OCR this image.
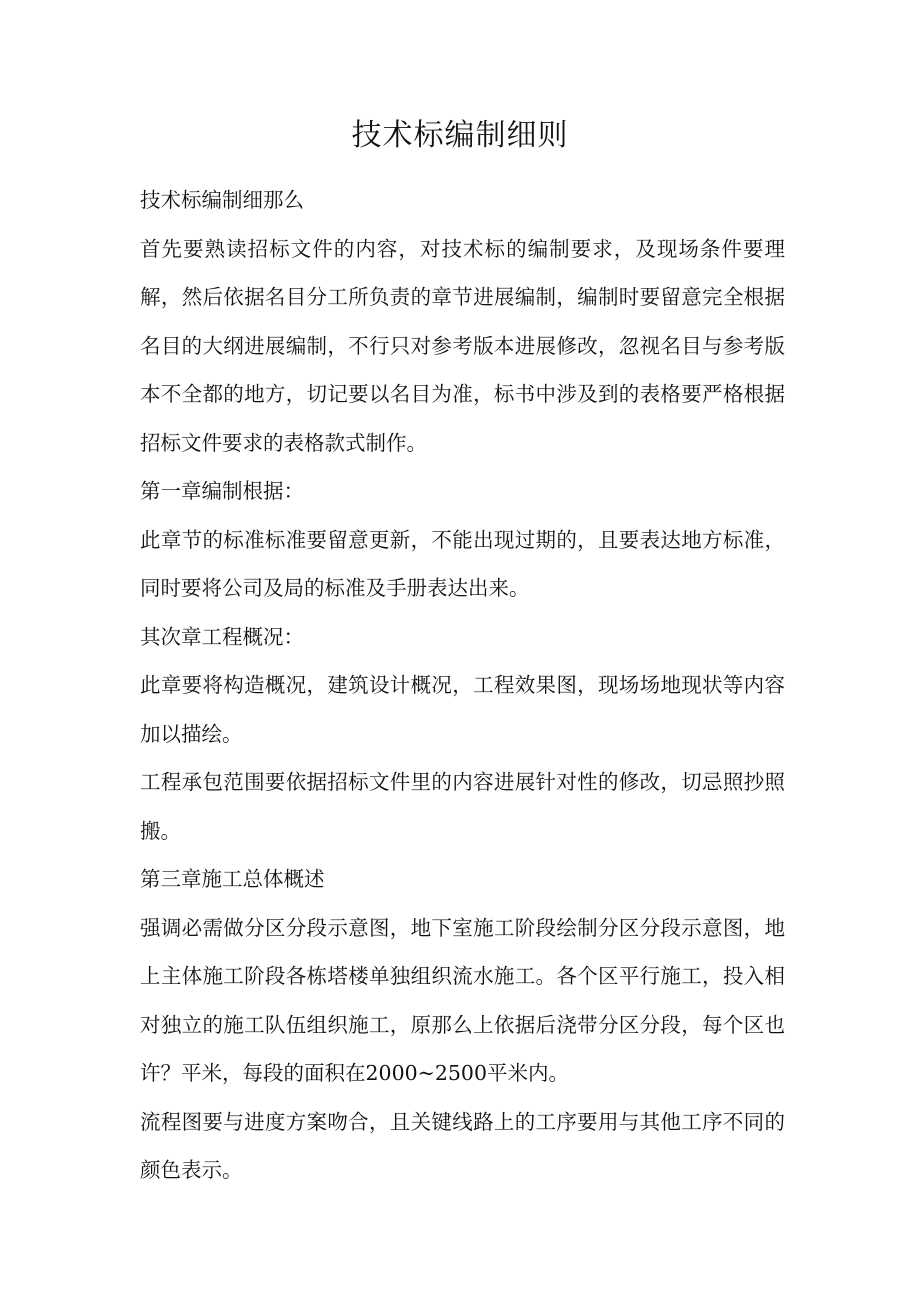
技术标编制细则

技术标编制细那么

首先要熟读招标文件的内容，对技术标的编制要求，及现场条件要理解，然后依据名目分工所负责的章节进展编制，编制时要留意完全根据名目的大纲进展编制，不行只对参考版本进展修改，忽视名目与参考版本不全都的地方，切记要以名目为准，标书中涉及到的表格要严格根据招标文件要求的表格款式制作。

第一章编制根据：

此章节的标准标准要留意更新，不能出现过期的，且要表达地方标准，同时要将公司及局的标准及手册表达出来。

其次章工程概况：

此章要将构造概况，建筑设计概况，工程效果图，现场场地现状等内容加以描绘。

工程承包范围要依据招标文件里的内容进展针对性的修改，切忌照抄照搬。

第三章施工总体概述

强调必需做分区分段示意图，地下室施工阶段绘制分区分段示意图，地上主体施工阶段各栋塔楼单独组织流水施工。各个区平行施工，投入相对独立的施工队伍组织施工，原那么上依据后浇带分区分段，每个区也许？平米，每段的面积在2000~2500平米内。

流程图要与进度方案吻合，且关键线路上的工序要用与其他工序不同的颜色表示。
